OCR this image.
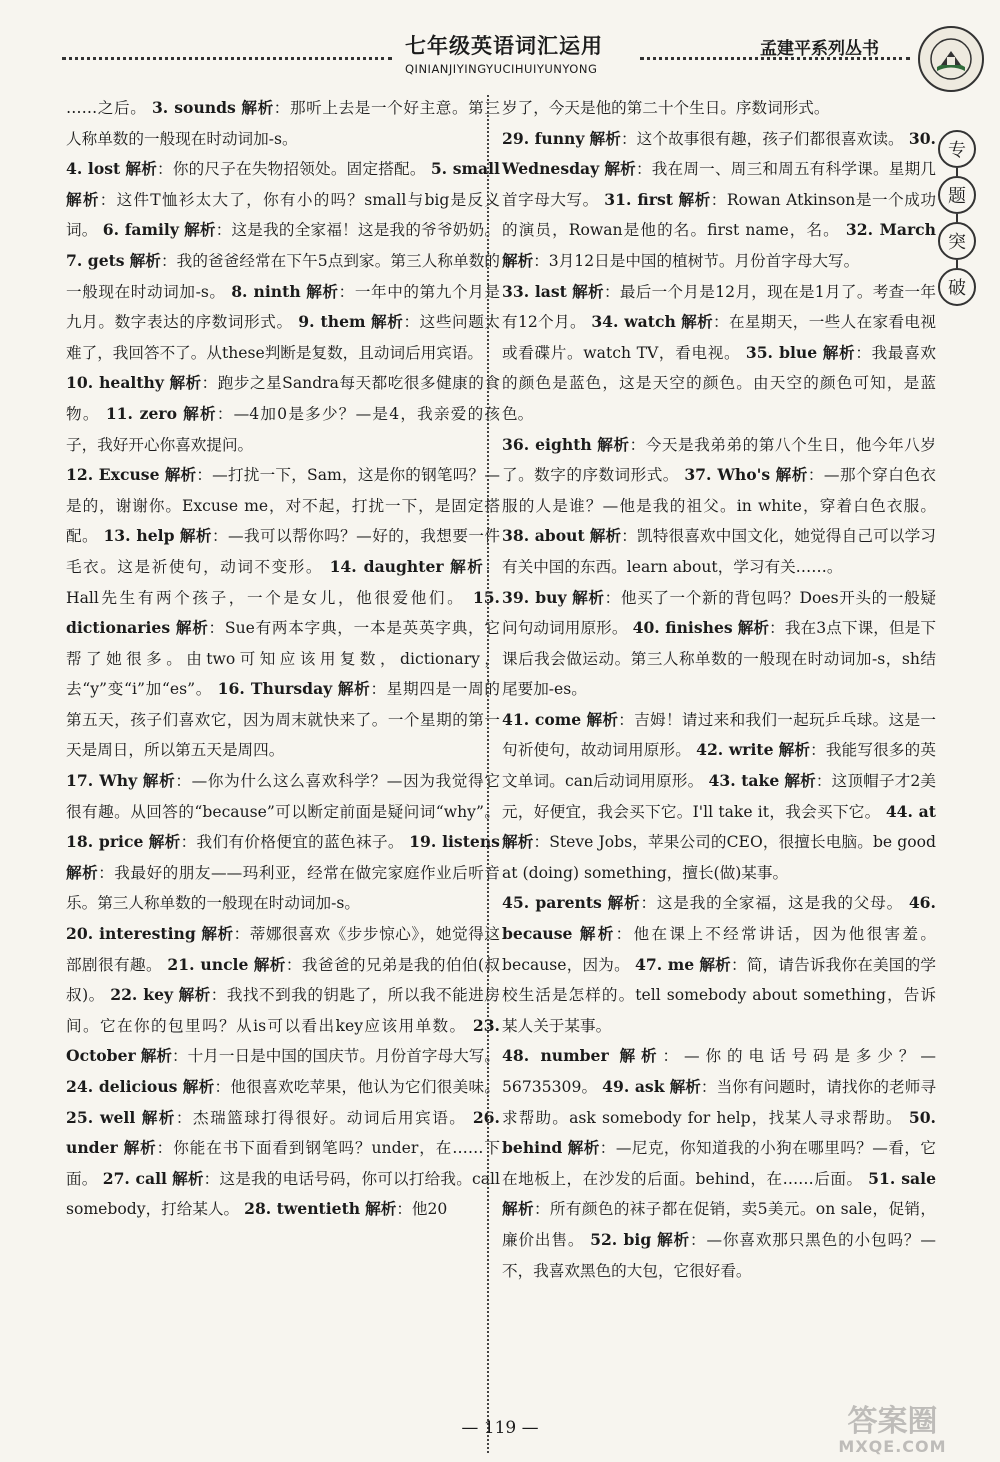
七年级英语词汇运用
QINIANJIYINGYUCIHUIYUNYONG
孟建平系列丛书
专
题
突
破

……之后。 3. sounds 解析：那听上去是一个好主意。第三人称单数的一般现在时动词加-s。

4. lost 解析：你的尺子在失物招领处。固定搭配。 5. small 解析：这件T恤衫太大了，你有小的吗？small与big是反义词。 6. family 解析：这是我的全家福！这是我的爷爷奶奶。 7. gets 解析：我的爸爸经常在下午5点到家。第三人称单数的一般现在时动词加-s。 8. ninth 解析：一年中的第九个月是九月。数字表达的序数词形式。 9. them 解析：这些问题太难了，我回答不了。从these判断是复数，且动词后用宾语。

10. healthy 解析：跑步之星Sandra每天都吃很多健康的食物。 11. zero 解析：—4加0是多少？—是4，我亲爱的孩子，我好开心你喜欢提问。

12. Excuse 解析：—打扰一下，Sam，这是你的钢笔吗？—是的，谢谢你。Excuse me，对不起，打扰一下，是固定搭配。 13. help 解析：—我可以帮你吗？—好的，我想要一件毛衣。这是祈使句，动词不变形。 14. daughter 解析：Hall先生有两个孩子，一个是女儿，他很爱他们。 15. dictionaries 解析：Sue有两本字典，一本是英英字典，它帮了她很多。由two可知应该用复数，dictionary，去“y”变“i”加“es”。 16. Thursday 解析：星期四是一周的第五天，孩子们喜欢它，因为周末就快来了。一个星期的第一天是周日，所以第五天是周四。

17. Why 解析：—你为什么这么喜欢科学？—因为我觉得它很有趣。从回答的“because”可以断定前面是疑问词“why”。 18. price 解析：我们有价格便宜的蓝色袜子。 19. listens 解析：我最好的朋友——玛利亚，经常在做完家庭作业后听音乐。第三人称单数的一般现在时动词加-s。

20. interesting 解析：蒂娜很喜欢《步步惊心》，她觉得这部剧很有趣。 21. uncle 解析：我爸爸的兄弟是我的伯伯(叔叔)。 22. key 解析：我找不到我的钥匙了，所以我不能进房间。它在你的包里吗？从is可以看出key应该用单数。 23. October 解析：十月一日是中国的国庆节。月份首字母大写。 24. delicious 解析：他很喜欢吃苹果，他认为它们很美味。 25. well 解析：杰瑞篮球打得很好。动词后用宾语。 26. under 解析：你能在书下面看到钢笔吗？under，在……下面。 27. call 解析：这是我的电话号码，你可以打给我。call somebody，打给某人。 28. twentieth 解析：他20

岁了，今天是他的第二十个生日。序数词形式。

29. funny 解析：这个故事很有趣，孩子们都很喜欢读。 30. Wednesday 解析：我在周一、周三和周五有科学课。星期几首字母大写。 31. first 解析：Rowan Atkinson是一个成功的演员，Rowan是他的名。first name，名。 32. March 解析：3月12日是中国的植树节。月份首字母大写。

33. last 解析：最后一个月是12月，现在是1月了。考查一年有12个月。 34. watch 解析：在星期天，一些人在家看电视或看碟片。watch TV，看电视。 35. blue 解析：我最喜欢的颜色是蓝色，这是天空的颜色。由天空的颜色可知，是蓝色。

36. eighth 解析：今天是我弟弟的第八个生日，他今年八岁了。数字的序数词形式。 37. Who's 解析：—那个穿白色衣服的人是谁？—他是我的祖父。in white，穿着白色衣服。 38. about 解析：凯特很喜欢中国文化，她觉得自己可以学习有关中国的东西。learn about，学习有关……。

39. buy 解析：他买了一个新的背包吗？Does开头的一般疑问句动词用原形。 40. finishes 解析：我在3点下课，但是下课后我会做运动。第三人称单数的一般现在时动词加-s，sh结尾要加-es。

41. come 解析：吉姆！请过来和我们一起玩乒乓球。这是一句祈使句，故动词用原形。 42. write 解析：我能写很多的英文单词。can后动词用原形。 43. take 解析：这顶帽子才2美元，好便宜，我会买下它。I'll take it，我会买下它。 44. at 解析：Steve Jobs，苹果公司的CEO，很擅长电脑。be good at (doing) something，擅长(做)某事。

45. parents 解析：这是我的全家福，这是我的父母。 46. because 解析：他在课上不经常讲话，因为他很害羞。because，因为。 47. me 解析：简，请告诉我你在美国的学校生活是怎样的。tell somebody about something，告诉某人关于某事。

48. number 解析：—你的电话号码是多少？—56735309。 49. ask 解析：当你有问题时，请找你的老师寻求帮助。ask somebody for help，找某人寻求帮助。 50. behind 解析：—尼克，你知道我的小狗在哪里吗？—看，它在地板上，在沙发的后面。behind，在……后面。 51. sale 解析：所有颜色的袜子都在促销，卖5美元。on sale，促销，廉价出售。 52. big 解析：—你喜欢那只黑色的小包吗？—不，我喜欢黑色的大包，它很好看。

— 119 —	答案圈
MXQE.COM
